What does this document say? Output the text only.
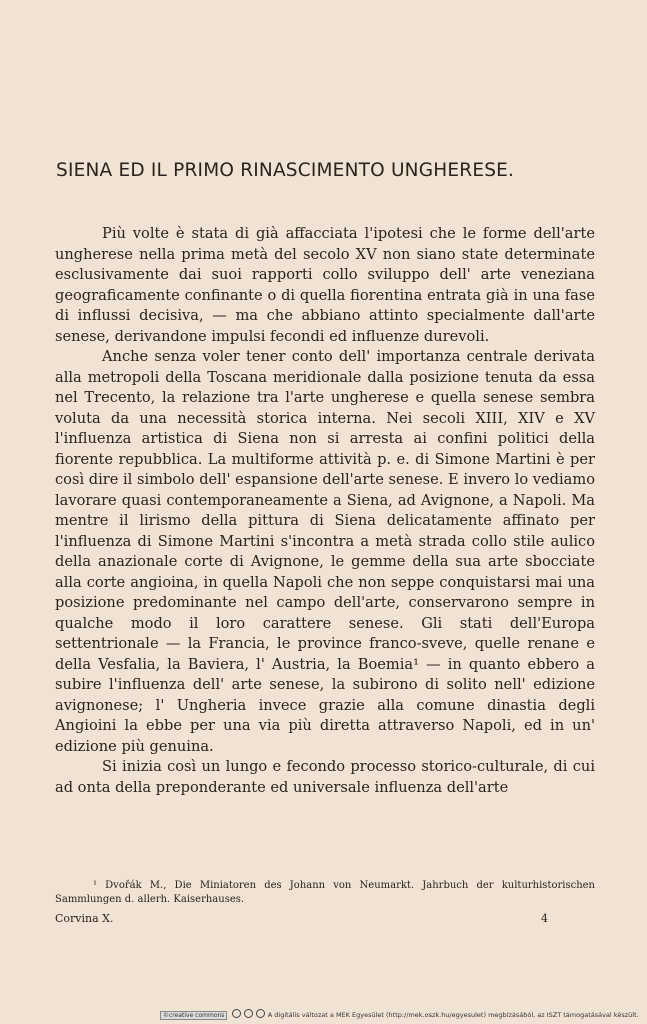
SIENA ED IL PRIMO RINASCIMENTO UNGHERESE.

Più volte è stata di già affacciata l'ipotesi che le forme dell'arte ungherese nella prima metà del secolo XV non siano state determinate esclusivamente dai suoi rapporti collo sviluppo dell' arte veneziana geograficamente confinante o di quella fiorentina entrata già in una fase di influssi decisiva, — ma che abbiano attinto specialmente dall'arte senese, derivandone impulsi fecondi ed influenze durevoli.

Anche senza voler tener conto dell' importanza centrale derivata alla metropoli della Toscana meridionale dalla posizione tenuta da essa nel Trecento, la relazione tra l'arte ungherese e quella senese sembra voluta da una necessità storica interna. Nei secoli XIII, XIV e XV l'influenza artistica di Siena non si arresta ai confini politici della fiorente repubblica. La multiforme attività p. e. di Simone Martini è per così dire il simbolo dell' espansione dell'arte senese. E invero lo vediamo lavorare quasi contemporaneamente a Siena, ad Avignone, a Napoli. Ma mentre il lirismo della pittura di Siena delicatamente affinato per l'influenza di Simone Martini s'incontra a metà strada collo stile aulico della anazionale corte di Avignone, le gemme della sua arte sbocciate alla corte angioina, in quella Napoli che non seppe conquistarsi mai una posizione predominante nel campo dell'arte, conservarono sempre in qualche modo il loro carattere senese. Gli stati dell'Europa settentrionale — la Francia, le province franco-sveve, quelle renane e della Vesfalia, la Baviera, l' Austria, la Boemia¹ — in quanto ebbero a subire l'influenza dell' arte senese, la subirono di solito nell' edizione avignonese; l' Ungheria invece grazie alla comune dinastia degli Angioini la ebbe per una via più diretta attraverso Napoli, ed in un' edizione più genuina.

Si inizia così un lungo e fecondo processo storico-culturale, di cui ad onta della preponderante ed universale influenza dell'arte

¹ Dvořák M., Die Miniatoren des Johann von Neumarkt. Jahrbuch der kulturhistorischen Sammlungen d. allerh. Kaiserhauses.

Corvina X.	4
©creative commons	A digitális változat a MEK Egyesület (http://mek.oszk.hu/egyesulet) megbízásából, az ISZT támogatásával készült.
